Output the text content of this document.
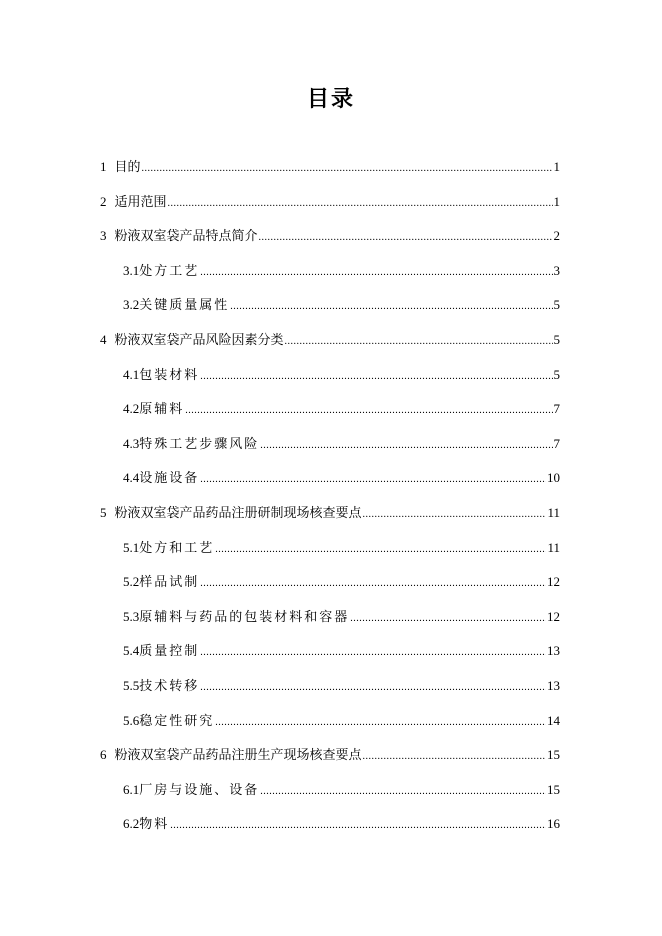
目录
1 目的 .....	1
2 适用范围 .....	1
3 粉液双室袋产品特点简介 .....	2
3.1 处方工艺 .....	3
3.2 关键质量属性 .....	5
4 粉液双室袋产品风险因素分类 .....	5
4.1 包装材料 .....	5
4.2 原辅料 .....	7
4.3 特殊工艺步骤风险 .....	7
4.4 设施设备 .....	10
5 粉液双室袋产品药品注册研制现场核查要点 .....	11
5.1 处方和工艺 .....	11
5.2 样品试制 .....	12
5.3 原辅料与药品的包装材料和容器 .....	12
5.4 质量控制 .....	13
5.5 技术转移 .....	13
5.6 稳定性研究 .....	14
6 粉液双室袋产品药品注册生产现场核查要点 .....	15
6.1 厂房与设施、设备 .....	15
6.2 物料 .....	16
